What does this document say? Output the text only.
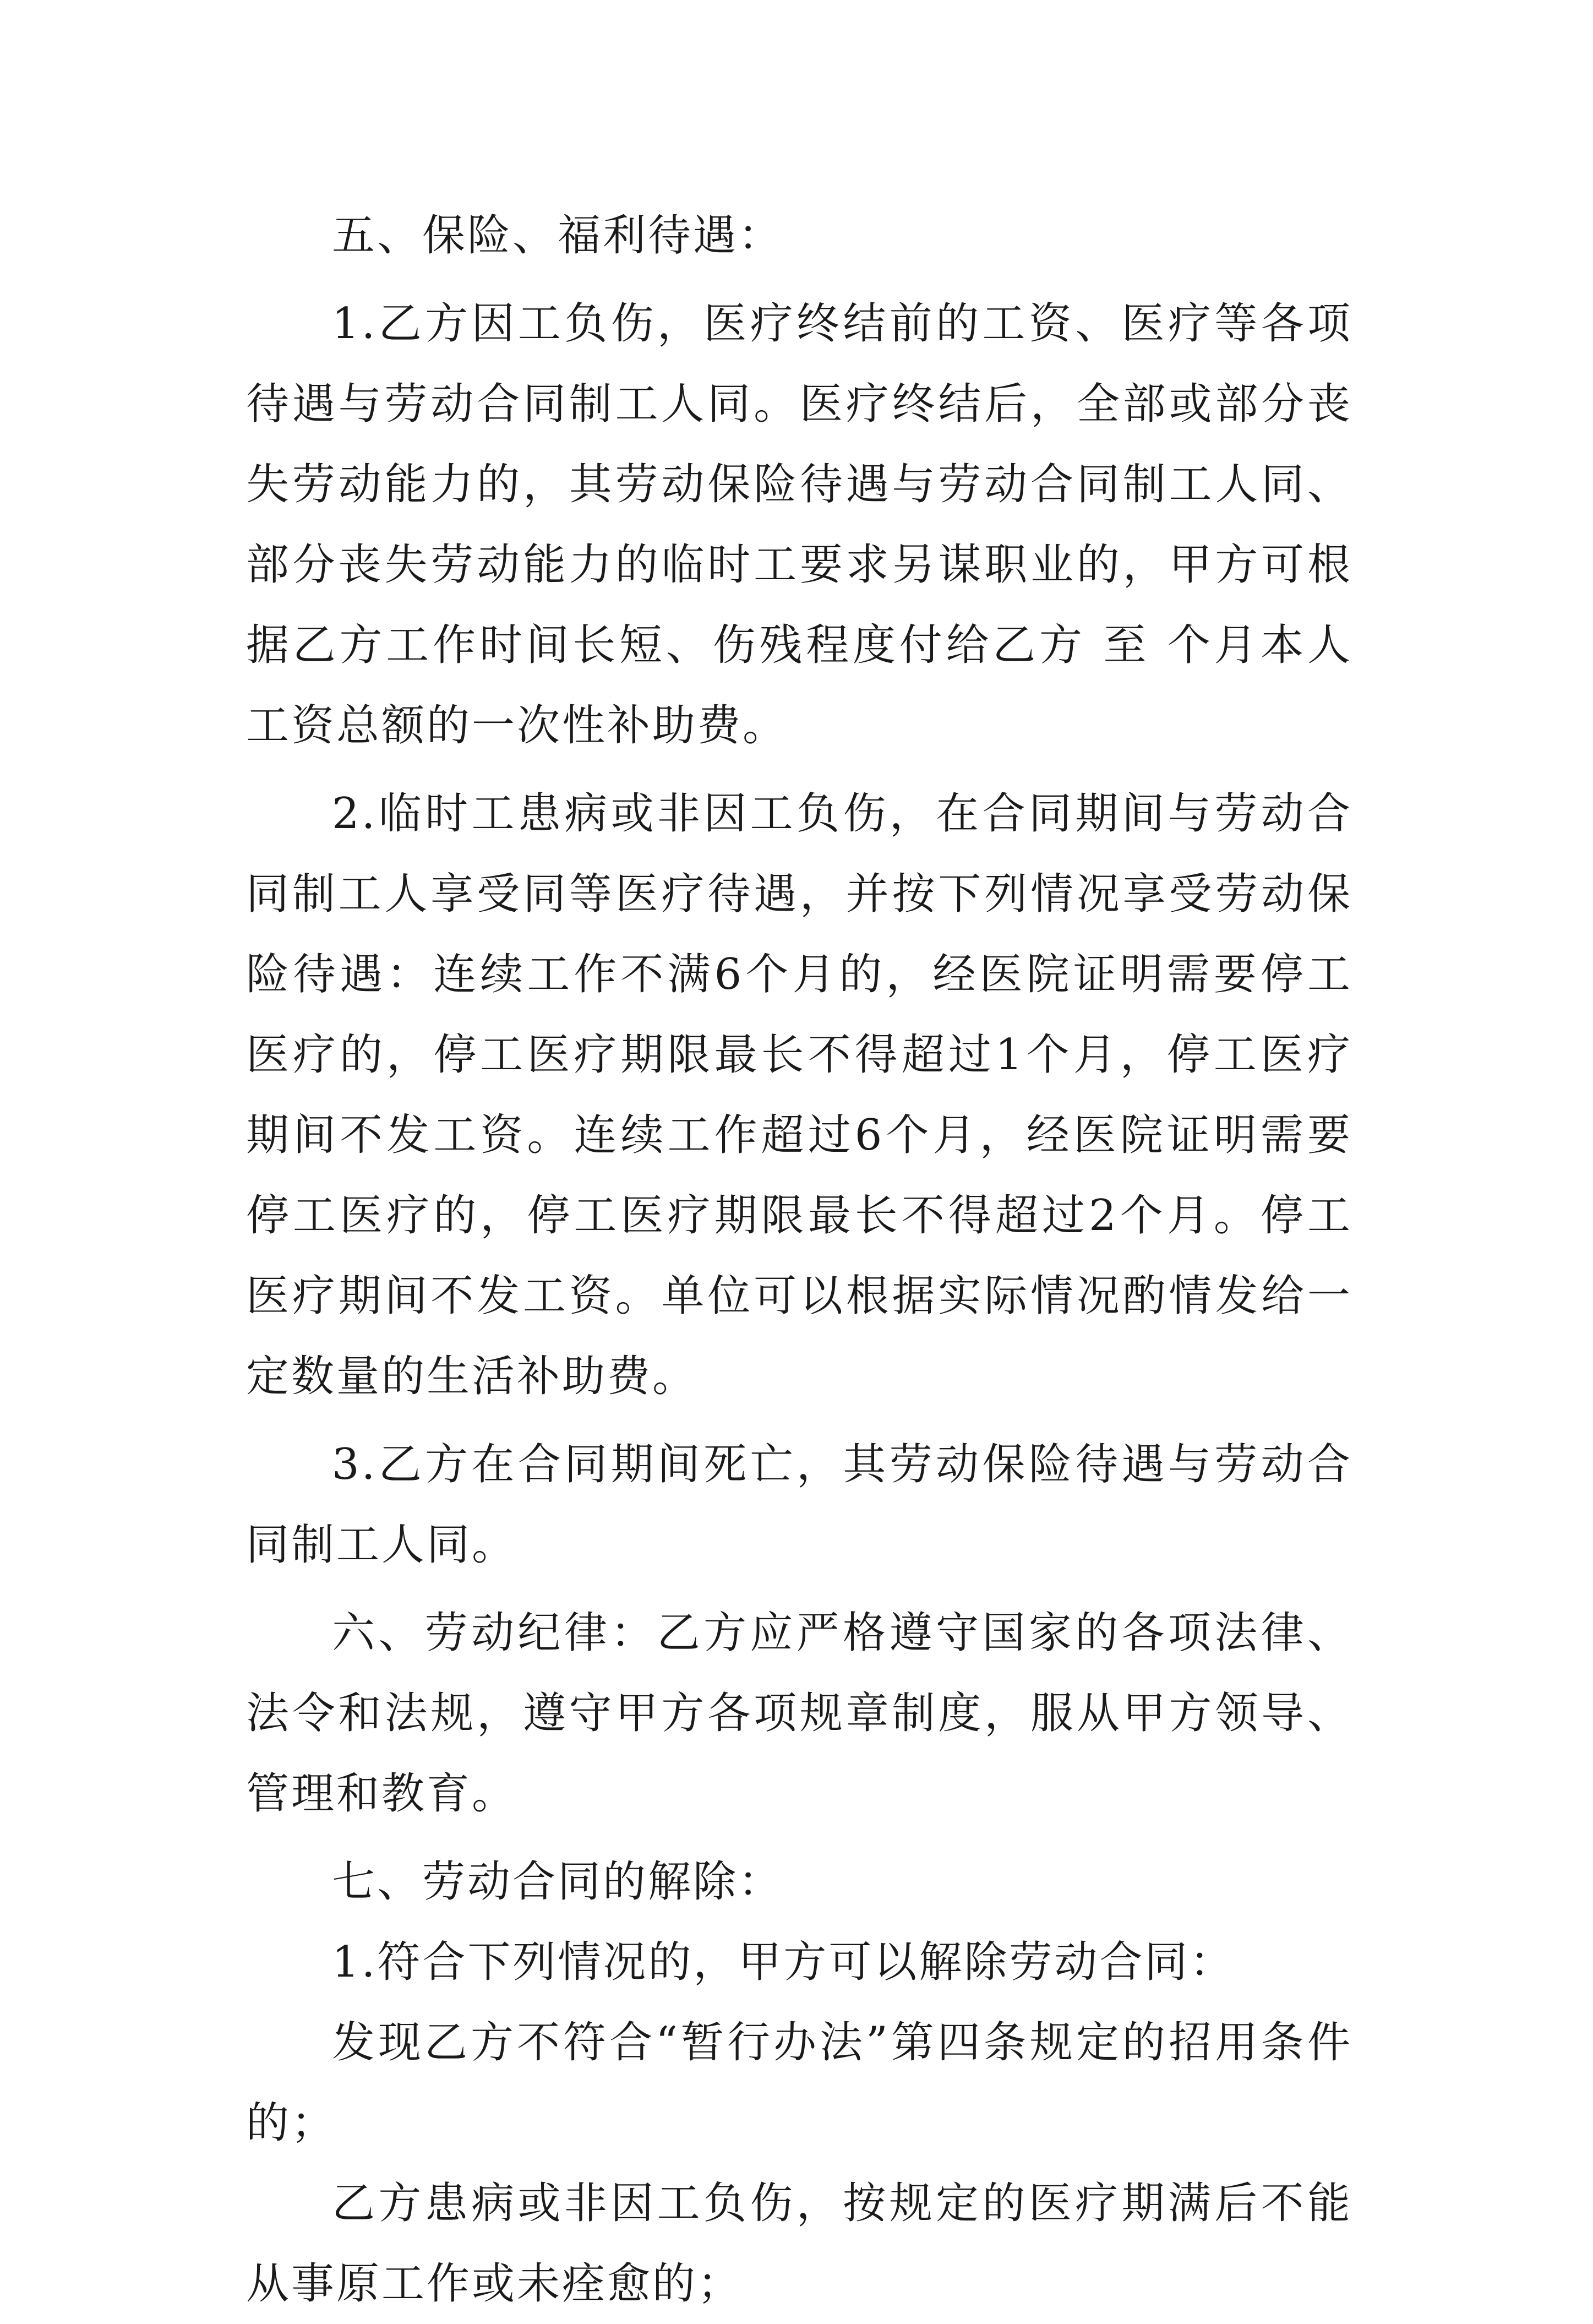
五、保险、福利待遇：

1.乙方因工负伤，医疗终结前的工资、医疗等各项待遇与劳动合同制工人同。医疗终结后，全部或部分丧失劳动能力的，其劳动保险待遇与劳动合同制工人同、部分丧失劳动能力的临时工要求另谋职业的，甲方可根据乙方工作时间长短、伤残程度付给乙方 至 个月本人工资总额的一次性补助费。

2.临时工患病或非因工负伤，在合同期间与劳动合同制工人享受同等医疗待遇，并按下列情况享受劳动保险待遇：连续工作不满6个月的，经医院证明需要停工医疗的，停工医疗期限最长不得超过1个月，停工医疗期间不发工资。连续工作超过6个月，经医院证明需要停工医疗的，停工医疗期限最长不得超过2个月。停工医疗期间不发工资。单位可以根据实际情况酌情发给一定数量的生活补助费。

3.乙方在合同期间死亡，其劳动保险待遇与劳动合同制工人同。

六、劳动纪律：乙方应严格遵守国家的各项法律、法令和法规，遵守甲方各项规章制度，服从甲方领导、管理和教育。

七、劳动合同的解除：

1.符合下列情况的，甲方可以解除劳动合同：

发现乙方不符合“暂行办法”第四条规定的招用条件的；

乙方患病或非因工负伤，按规定的医疗期满后不能从事原工作或未痊愈的；
